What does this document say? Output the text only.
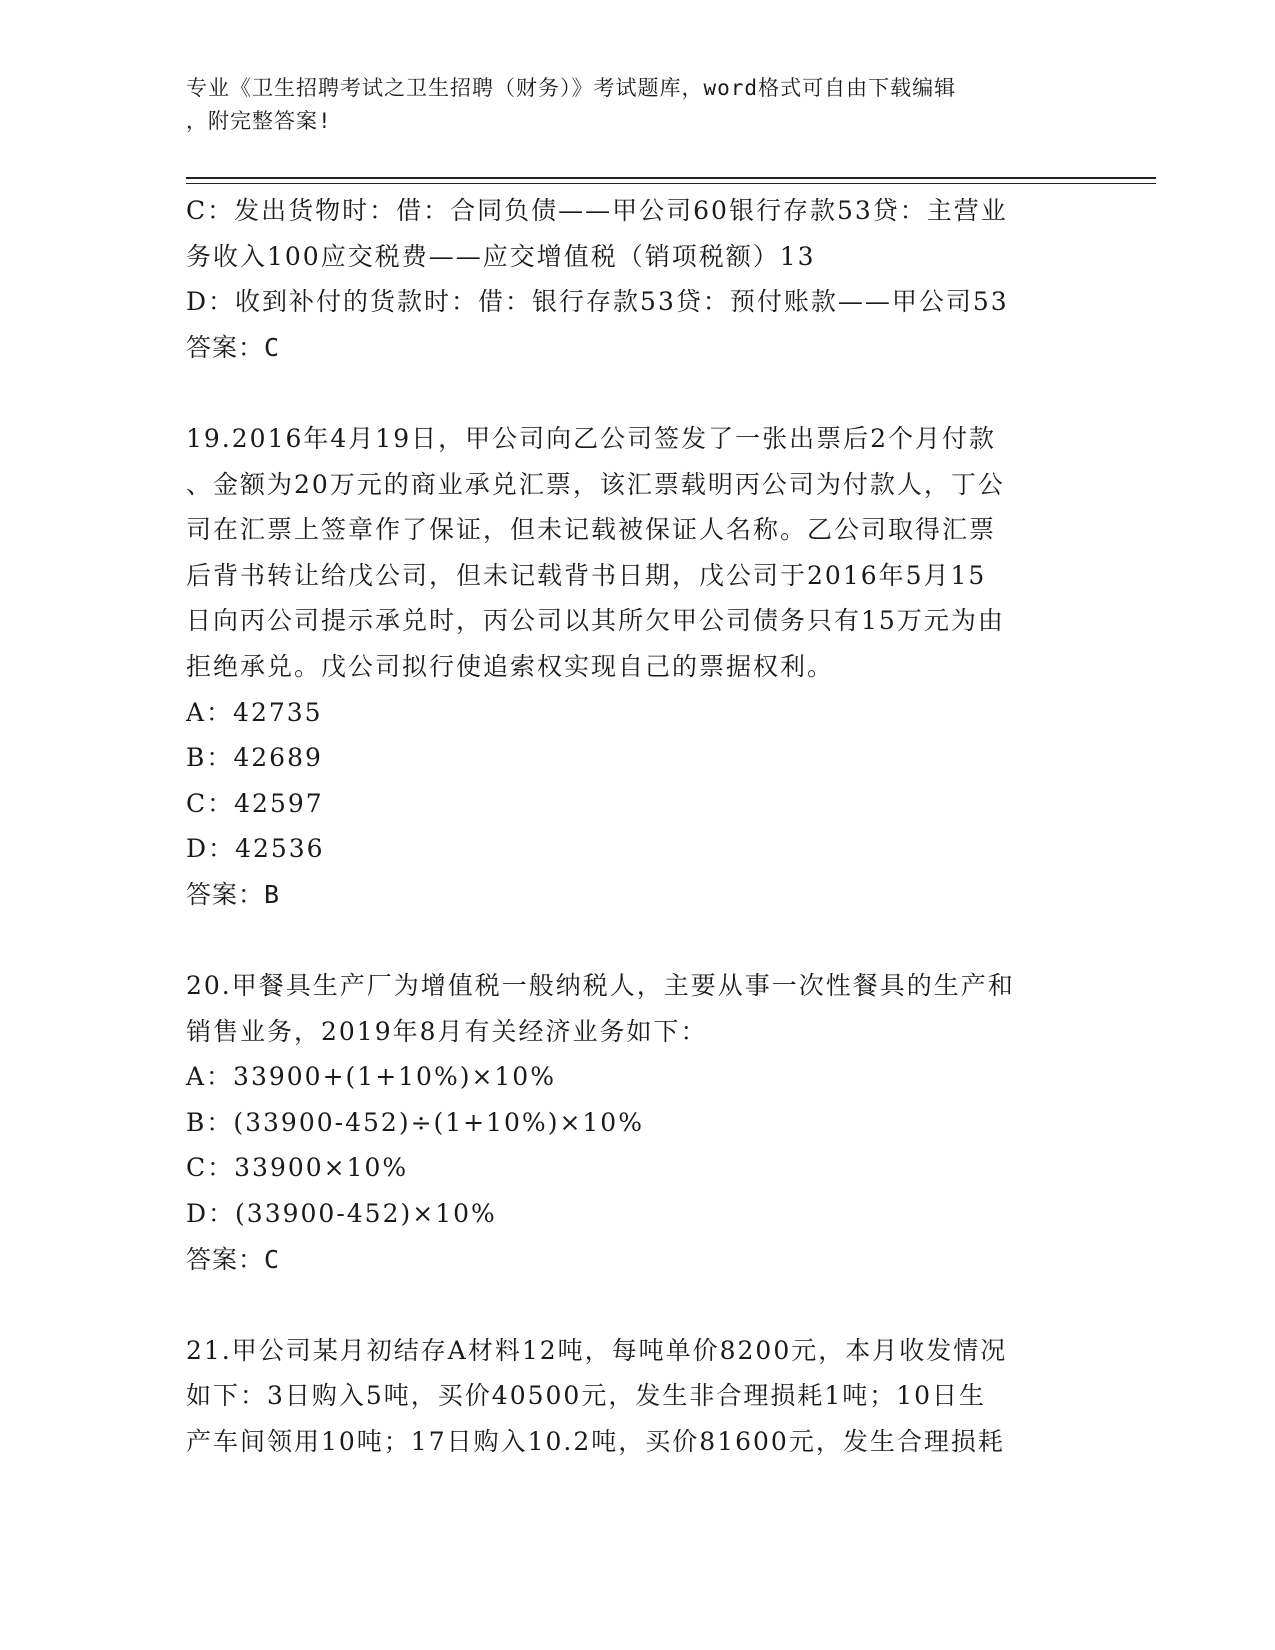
专业《卫生招聘考试之卫生招聘（财务）》考试题库，word格式可自由下载编辑
，附完整答案!
C：发出货物时：借：合同负债——甲公司60银行存款53贷：主营业
务收入100应交税费——应交增值税（销项税额）13
D：收到补付的货款时：借：银行存款53贷：预付账款——甲公司53
答案：C
19.2016年4月19日，甲公司向乙公司签发了一张出票后2个月付款
、金额为20万元的商业承兑汇票，该汇票载明丙公司为付款人，丁公
司在汇票上签章作了保证，但未记载被保证人名称。乙公司取得汇票
后背书转让给戊公司，但未记载背书日期，戊公司于2016年5月15
日向丙公司提示承兑时，丙公司以其所欠甲公司债务只有15万元为由
拒绝承兑。戊公司拟行使追索权实现自己的票据权利。
A：42735
B：42689
C：42597
D：42536
答案：B
20.甲餐具生产厂为增值税一般纳税人，主要从事一次性餐具的生产和
销售业务，2019年8月有关经济业务如下：
A：33900+(1+10%)×10%
B：(33900-452)÷(1+10%)×10%
C：33900×10%
D：(33900-452)×10%
答案：C
21.甲公司某月初结存A材料12吨，每吨单价8200元，本月收发情况
如下：3日购入5吨，买价40500元，发生非合理损耗1吨；10日生
产车间领用10吨；17日购入10.2吨，买价81600元，发生合理损耗
